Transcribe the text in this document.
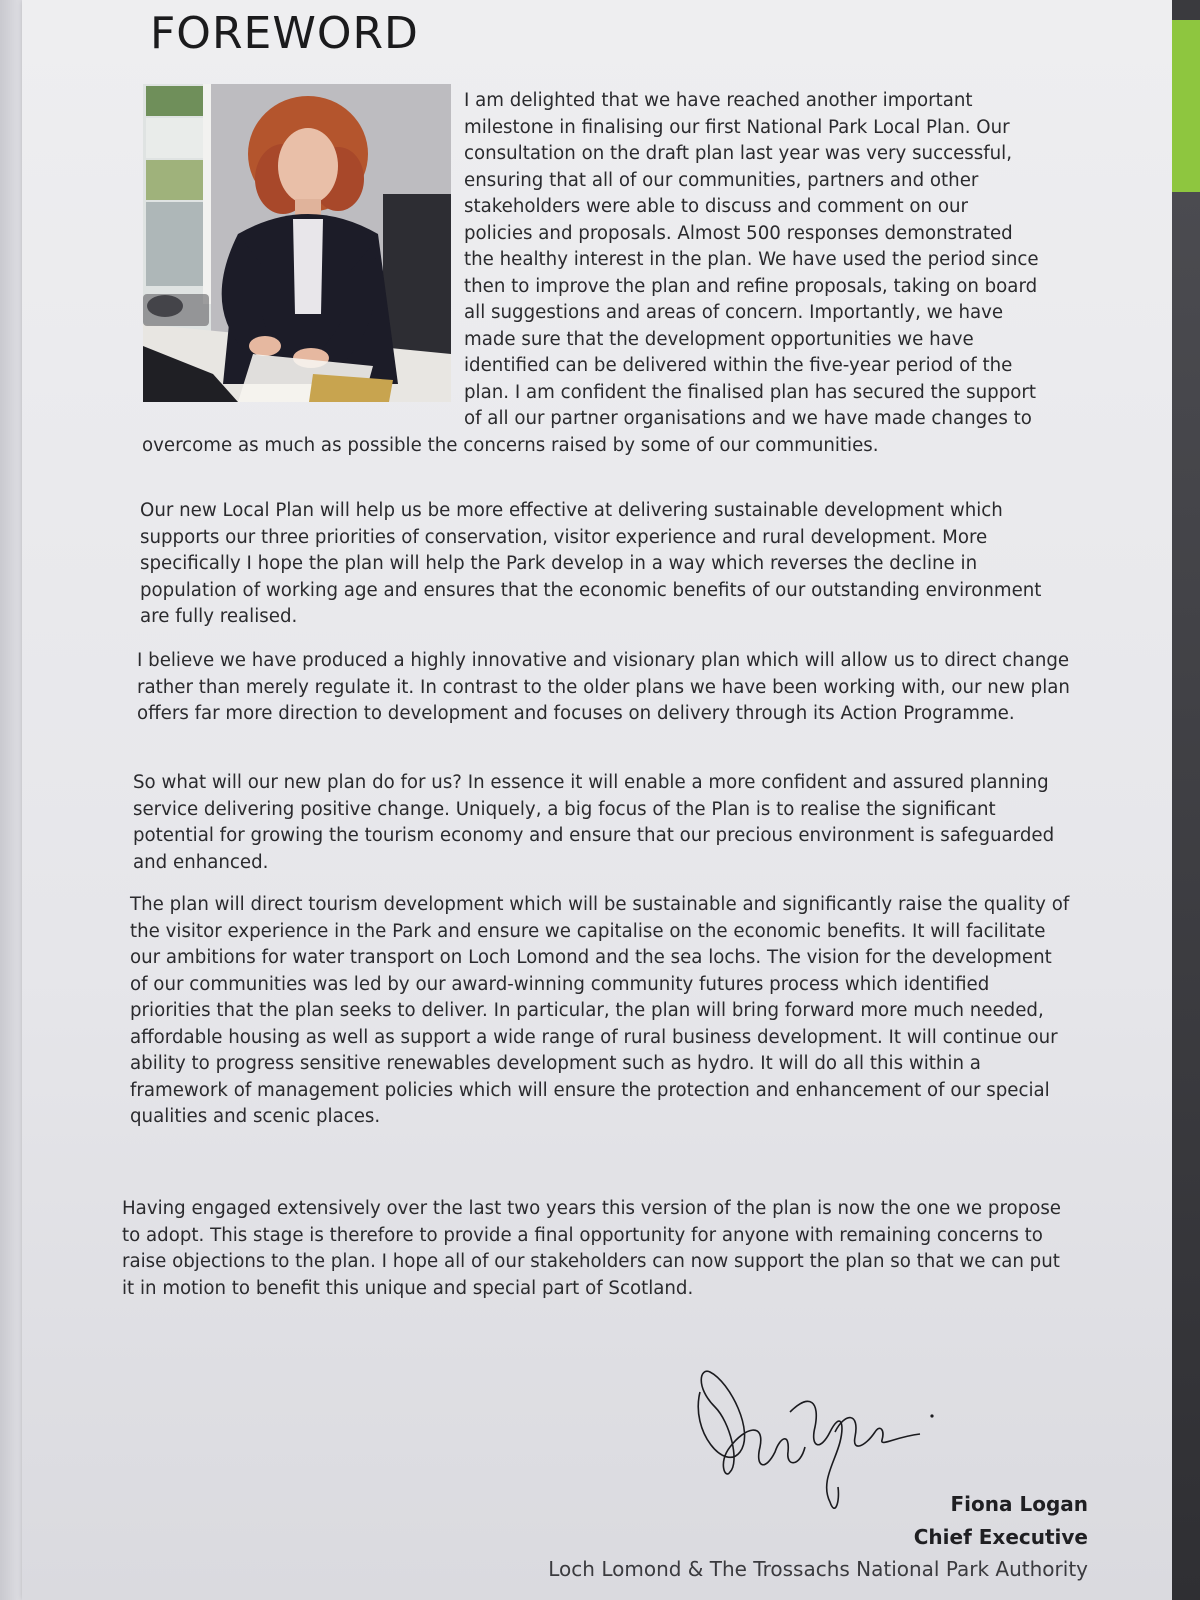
FOREWORD
I am delighted that we have reached another important milestone in finalising our first National Park Local Plan. Our consultation on the draft plan last year was very successful, ensuring that all of our communities, partners and other stakeholders were able to discuss and comment on our policies and proposals. Almost 500 responses demonstrated the healthy interest in the plan. We have used the period since then to improve the plan and refine proposals, taking on board all suggestions and areas of concern. Importantly, we have made sure that the development opportunities we have identified can be delivered within the five-year period of the plan. I am confident the finalised plan has secured the support of all our partner organisations and we have made changes to overcome as much as possible the concerns raised by some of our communities.

Our new Local Plan will help us be more effective at delivering sustainable development which supports our three priorities of conservation, visitor experience and rural development. More specifically I hope the plan will help the Park develop in a way which reverses the decline in population of working age and ensures that the economic benefits of our outstanding environment are fully realised.

I believe we have produced a highly innovative and visionary plan which will allow us to direct change rather than merely regulate it. In contrast to the older plans we have been working with, our new plan offers far more direction to development and focuses on delivery through its Action Programme.

So what will our new plan do for us? In essence it will enable a more confident and assured planning service delivering positive change. Uniquely, a big focus of the Plan is to realise the significant potential for growing the tourism economy and ensure that our precious environment is safeguarded and enhanced.

The plan will direct tourism development which will be sustainable and significantly raise the quality of the visitor experience in the Park and ensure we capitalise on the economic benefits. It will facilitate our ambitions for water transport on Loch Lomond and the sea lochs. The vision for the development of our communities was led by our award-winning community futures process which identified priorities that the plan seeks to deliver. In particular, the plan will bring forward more much needed, affordable housing as well as support a wide range of rural business development. It will continue our ability to progress sensitive renewables development such as hydro. It will do all this within a framework of management policies which will ensure the protection and enhancement of our special qualities and scenic places.

Having engaged extensively over the last two years this version of the plan is now the one we propose to adopt. This stage is therefore to provide a final opportunity for anyone with remaining concerns to raise objections to the plan. I hope all of our stakeholders can now support the plan so that we can put it in motion to benefit this unique and special part of Scotland.

Fiona Logan

Chief Executive

Loch Lomond & The Trossachs National Park Authority
